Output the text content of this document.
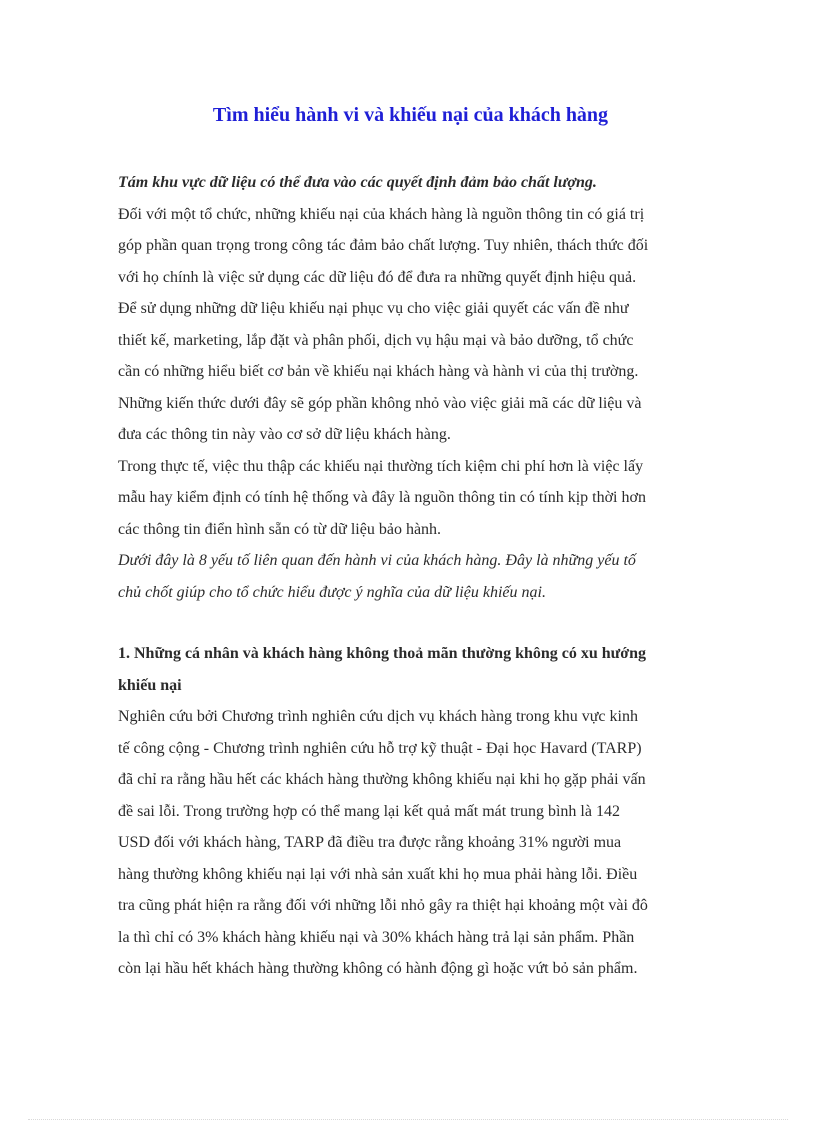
Tìm hiểu hành vi và khiếu nại của khách hàng

Tám khu vực dữ liệu có thể đưa vào các quyết định đảm bảo chất lượng.

Đối với một tổ chức, những khiếu nại của khách hàng là nguồn thông tin có giá trị

góp phần quan trọng trong công tác đảm bảo chất lượng. Tuy nhiên, thách thức đối

với họ chính là việc sử dụng các dữ liệu đó để đưa ra những quyết định hiệu quả.

Để sử dụng những dữ liệu khiếu nại phục vụ cho việc giải quyết các vấn đề như

thiết kế, marketing, lắp đặt và phân phối, dịch vụ hậu mại và bảo dưỡng, tổ chức

cần có những hiểu biết cơ bản về khiếu nại khách hàng và hành vi của thị trường.

Những kiến thức dưới đây sẽ góp phần không nhỏ vào việc giải mã các dữ liệu và

đưa các thông tin này vào cơ sở dữ liệu khách hàng.

Trong thực tế, việc thu thập các khiếu nại thường tích kiệm chi phí hơn là việc lấy

mẫu hay kiểm định có tính hệ thống và đây là nguồn thông tin có tính kịp thời hơn

các thông tin điển hình sẵn có từ dữ liệu bảo hành.

Dưới đây là 8 yếu tố liên quan đến hành vi của khách hàng. Đây là những yếu tố

chủ chốt giúp cho tổ chức hiểu được ý nghĩa của dữ liệu khiếu nại.

1. Những cá nhân và khách hàng không thoả mãn thường không có xu hướng

khiếu nại

Nghiên cứu bởi Chương trình nghiên cứu dịch vụ khách hàng trong khu vực kinh

tế công cộng - Chương trình nghiên cứu hỗ trợ kỹ thuật - Đại học Havard (TARP)

đã chỉ ra rằng hầu hết các khách hàng thường không khiếu nại khi họ gặp phải vấn

đề sai lỗi. Trong trường hợp có thể mang lại kết quả mất mát trung bình là 142

USD đối với khách hàng, TARP đã điều tra được rằng khoảng 31% người mua

hàng thường không khiếu nại lại với nhà sản xuất khi họ mua phải hàng lỗi. Điều

tra cũng phát hiện ra rằng đối với những lỗi nhỏ gây ra thiệt hại khoảng một vài đô

la thì chỉ có 3% khách hàng khiếu nại và 30% khách hàng trả lại sản phẩm. Phần

còn lại hầu hết khách hàng thường không có hành động gì hoặc vứt bỏ sản phẩm.
